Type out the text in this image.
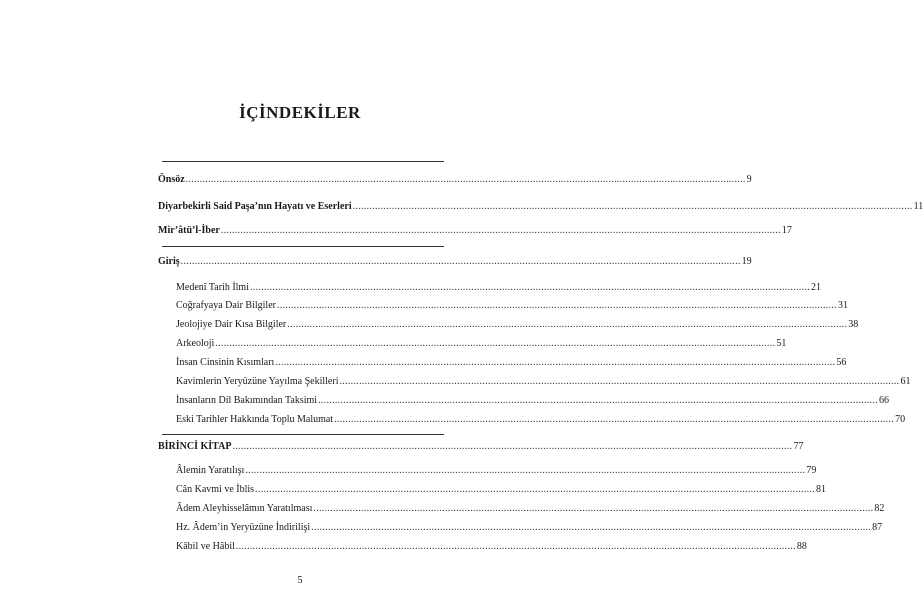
İÇİNDEKİLER
Önsöz ........................................................................................................................................................................................................ 9
Diyarbekirli Said Paşa’nın Hayatı ve Eserleri ........................................................................................................................................................................................................ 11
Mir’âtü’l-İber ........................................................................................................................................................................................................ 17
Giriş ........................................................................................................................................................................................................ 19
Medenî Tarih İlmi ........................................................................................................................................................................................................ 21
Coğrafyaya Dair Bilgiler ........................................................................................................................................................................................................ 31
Jeolojiye Dair Kısa Bilgiler ........................................................................................................................................................................................................ 38
Arkeoloji ........................................................................................................................................................................................................ 51
İnsan Cinsinin Kısımları ........................................................................................................................................................................................................ 56
Kavimlerin Yeryüzüne Yayılma Şekilleri ........................................................................................................................................................................................................ 61
İnsanların Dil Bakımından Taksimi ........................................................................................................................................................................................................ 66
Eski Tarihler Hakkında Toplu Malumat ........................................................................................................................................................................................................ 70
BİRİNCİ KİTAP ........................................................................................................................................................................................................ 77
Âlemin Yaratılışı ........................................................................................................................................................................................................ 79
Cân Kavmi ve İblis ........................................................................................................................................................................................................ 81
Âdem Aleyhisselâmın Yaratılması ........................................................................................................................................................................................................ 82
Hz. Âdem’in Yeryüzüne İndirilişi ........................................................................................................................................................................................................ 87
Kâbil ve Hâbil ........................................................................................................................................................................................................ 88
5
